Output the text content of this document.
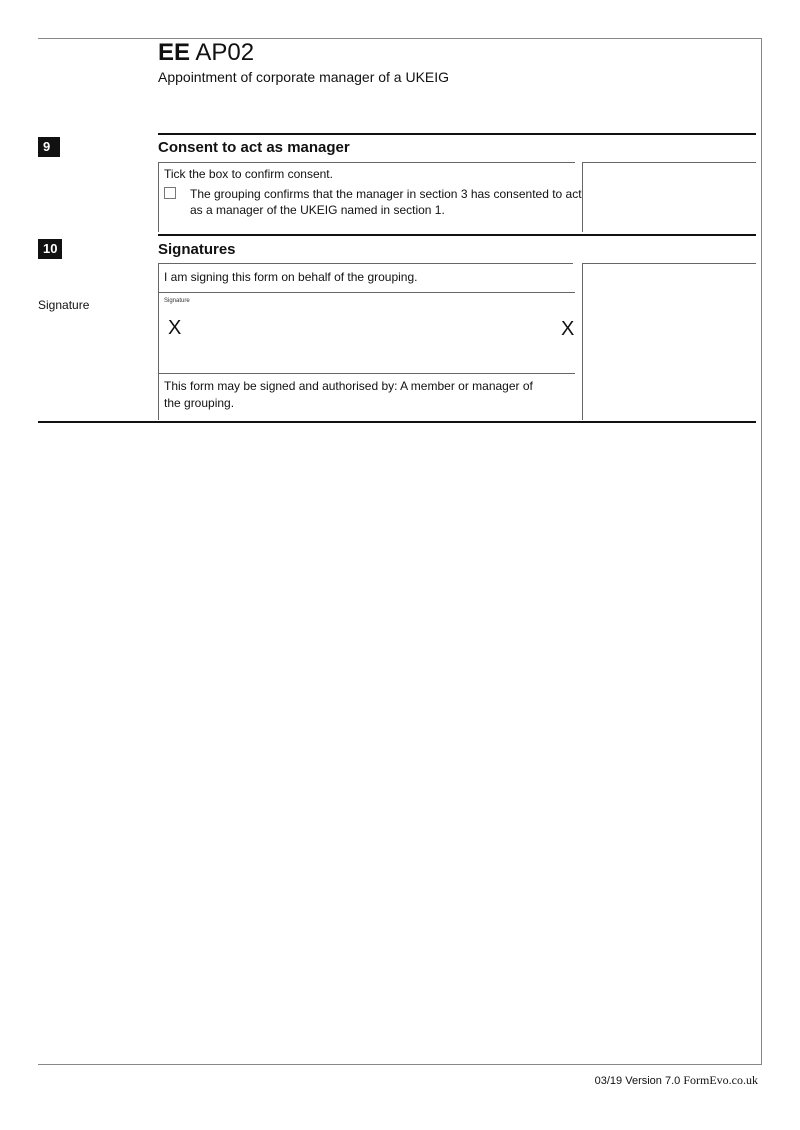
EE AP02
Appointment of corporate manager of a UKEIG
9	Consent to act as manager
Tick the box to confirm consent.
The grouping confirms that the manager in section 3 has consented to act
as a manager of the UKEIG named in section 1.
10	Signatures
I am signing this form on behalf of the grouping.
Signature	Signature
X	X
This form may be signed and authorised by: A member or manager of
the grouping.
03/19 Version 7.0 FormEvo.co.uk
